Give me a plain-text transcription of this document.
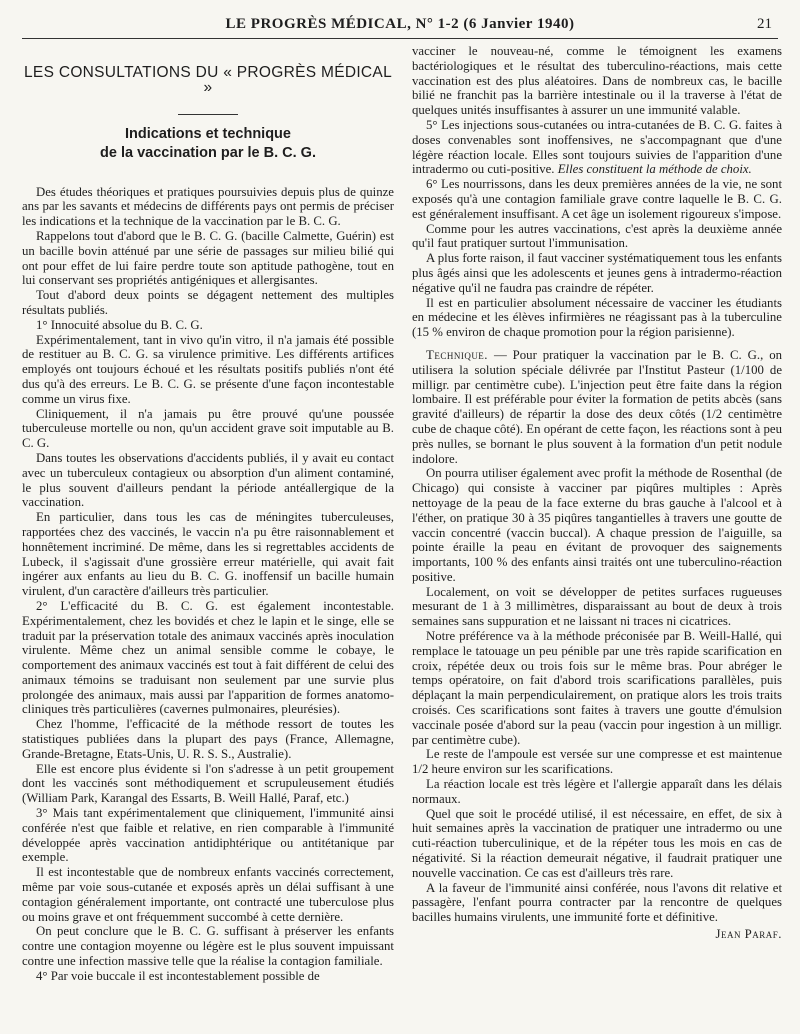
LE PROGRÈS MÉDICAL, N° 1-2 (6 Janvier 1940)	21
LES CONSULTATIONS DU « PROGRÈS MÉDICAL »
Indications et technique
de la vaccination par le B. C. G.

Des études théoriques et pratiques poursuivies depuis plus de quinze ans par les savants et médecins de différents pays ont permis de préciser les indications et la technique de la vaccination par le B. C. G.

Rappelons tout d'abord que le B. C. G. (bacille Calmette, Guérin) est un bacille bovin atténué par une série de passages sur milieu bilié qui ont pour effet de lui faire perdre toute son aptitude pathogène, tout en lui conservant ses propriétés antigéniques et allergisantes.

Tout d'abord deux points se dégagent nettement des multiples résultats publiés.

1° Innocuité absolue du B. C. G.

Expérimentalement, tant in vivo qu'in vitro, il n'a jamais été possible de restituer au B. C. G. sa virulence primitive. Les différents artifices employés ont toujours échoué et les résultats positifs publiés n'ont été dus qu'à des erreurs. Le B. C. G. se présente d'une façon incontestable comme un virus fixe.

Cliniquement, il n'a jamais pu être prouvé qu'une poussée tuberculeuse mortelle ou non, qu'un accident grave soit imputable au B. C. G.

Dans toutes les observations d'accidents publiés, il y avait eu contact avec un tuberculeux contagieux ou absorption d'un aliment contaminé, le plus souvent d'ailleurs pendant la période antéallergique de la vaccination.

En particulier, dans tous les cas de méningites tuberculeuses, rapportées chez des vaccinés, le vaccin n'a pu être raisonnablement et honnêtement incriminé. De même, dans les si regrettables accidents de Lubeck, il s'agissait d'une grossière erreur matérielle, qui avait fait ingérer aux enfants au lieu du B. C. G. inoffensif un bacille humain virulent, d'un caractère d'ailleurs très particulier.

2° L'efficacité du B. C. G. est également incontestable. Expérimentalement, chez les bovidés et chez le lapin et le singe, elle se traduit par la préservation totale des animaux vaccinés après inoculation virulente. Même chez un animal sensible comme le cobaye, le comportement des animaux vaccinés est tout à fait différent de celui des animaux témoins se traduisant non seulement par une survie plus prolongée des animaux, mais aussi par l'apparition de formes anatomo-cliniques très particulières (cavernes pulmonaires, pleurésies).

Chez l'homme, l'efficacité de la méthode ressort de toutes les statistiques publiées dans la plupart des pays (France, Allemagne, Grande-Bretagne, Etats-Unis, U. R. S. S., Australie).

Elle est encore plus évidente si l'on s'adresse à un petit groupement dont les vaccinés sont méthodiquement et scrupuleusement étudiés (William Park, Karangal des Essarts, B. Weill Hallé, Paraf, etc.)

3° Mais tant expérimentalement que cliniquement, l'immunité ainsi conférée n'est que faible et relative, en rien comparable à l'immunité développée après vaccination antidiphtérique ou antitétanique par exemple.

Il est incontestable que de nombreux enfants vaccinés correctement, même par voie sous-cutanée et exposés après un délai suffisant à une contagion généralement importante, ont contracté une tuberculose plus ou moins grave et ont fréquemment succombé à cette dernière.

On peut conclure que le B. C. G. suffisant à préserver les enfants contre une contagion moyenne ou légère est le plus souvent impuissant contre une infection massive telle que la réalise la contagion familiale.

4° Par voie buccale il est incontestablement possible de

vacciner le nouveau-né, comme le témoignent les examens bactériologiques et le résultat des tuberculino-réactions, mais cette vaccination est des plus aléatoires. Dans de nombreux cas, le bacille bilié ne franchit pas la barrière intestinale ou il la traverse à l'état de quelques unités insuffisantes à assurer un une immunité valable.

5° Les injections sous-cutanées ou intra-cutanées de B. C. G. faites à doses convenables sont inoffensives, ne s'accompagnant que d'une légère réaction locale. Elles sont toujours suivies de l'apparition d'une intradermo ou cuti-positive. Elles constituent la méthode de choix.

6° Les nourrissons, dans les deux premières années de la vie, ne sont exposés qu'à une contagion familiale grave contre laquelle le B. C. G. est généralement insuffisant. A cet âge un isolement rigoureux s'impose.

Comme pour les autres vaccinations, c'est après la deuxième année qu'il faut pratiquer surtout l'immunisation.

A plus forte raison, il faut vacciner systématiquement tous les enfants plus âgés ainsi que les adolescents et jeunes gens à intradermo-réaction négative qu'il ne faudra pas craindre de répéter.

Il est en particulier absolument nécessaire de vacciner les étudiants en médecine et les élèves infirmières ne réagissant pas à la tuberculine (15 % environ de chaque promotion pour la région parisienne).

Technique. — Pour pratiquer la vaccination par le B. C. G., on utilisera la solution spéciale délivrée par l'Institut Pasteur (1/100 de milligr. par centimètre cube). L'injection peut être faite dans la région lombaire. Il est préférable pour éviter la formation de petits abcès (sans gravité d'ailleurs) de répartir la dose des deux côtés (1/2 centimètre cube de chaque côté). En opérant de cette façon, les réactions sont à peu près nulles, se bornant le plus souvent à la formation d'un petit nodule indolore.

On pourra utiliser également avec profit la méthode de Rosenthal (de Chicago) qui consiste à vacciner par piqûres multiples : Après nettoyage de la peau de la face externe du bras gauche à l'alcool et à l'éther, on pratique 30 à 35 piqûres tangantielles à travers une goutte de vaccin concentré (vaccin buccal). A chaque pression de l'aiguille, sa pointe éraille la peau en évitant de provoquer des saignements importants, 100 % des enfants ainsi traités ont une tuberculino-réaction positive.

Localement, on voit se développer de petites surfaces rugueuses mesurant de 1 à 3 millimètres, disparaissant au bout de deux à trois semaines sans suppuration et ne laissant ni traces ni cicatrices.

Notre préférence va à la méthode préconisée par B. Weill-Hallé, qui remplace le tatouage un peu pénible par une très rapide scarification en croix, répétée deux ou trois fois sur le même bras. Pour abréger le temps opératoire, on fait d'abord trois scarifications parallèles, puis déplaçant la main perpendiculairement, on pratique alors les trois traits croisés. Ces scarifications sont faites à travers une goutte d'émulsion vaccinale posée d'abord sur la peau (vaccin pour ingestion à un milligr. par centimètre cube).

Le reste de l'ampoule est versée sur une compresse et est maintenue 1/2 heure environ sur les scarifications.

La réaction locale est très légère et l'allergie apparaît dans les délais normaux.

Quel que soit le procédé utilisé, il est nécessaire, en effet, de six à huit semaines après la vaccination de pratiquer une intradermo ou une cuti-réaction tuberculinique, et de la répéter tous les mois en cas de négativité. Si la réaction demeurait négative, il faudrait pratiquer une nouvelle vaccination. Ce cas est d'ailleurs très rare.

A la faveur de l'immunité ainsi conférée, nous l'avons dit relative et passagère, l'enfant pourra contracter par la rencontre de quelques bacilles humains virulents, une immunité forte et définitive.

Jean Paraf.
